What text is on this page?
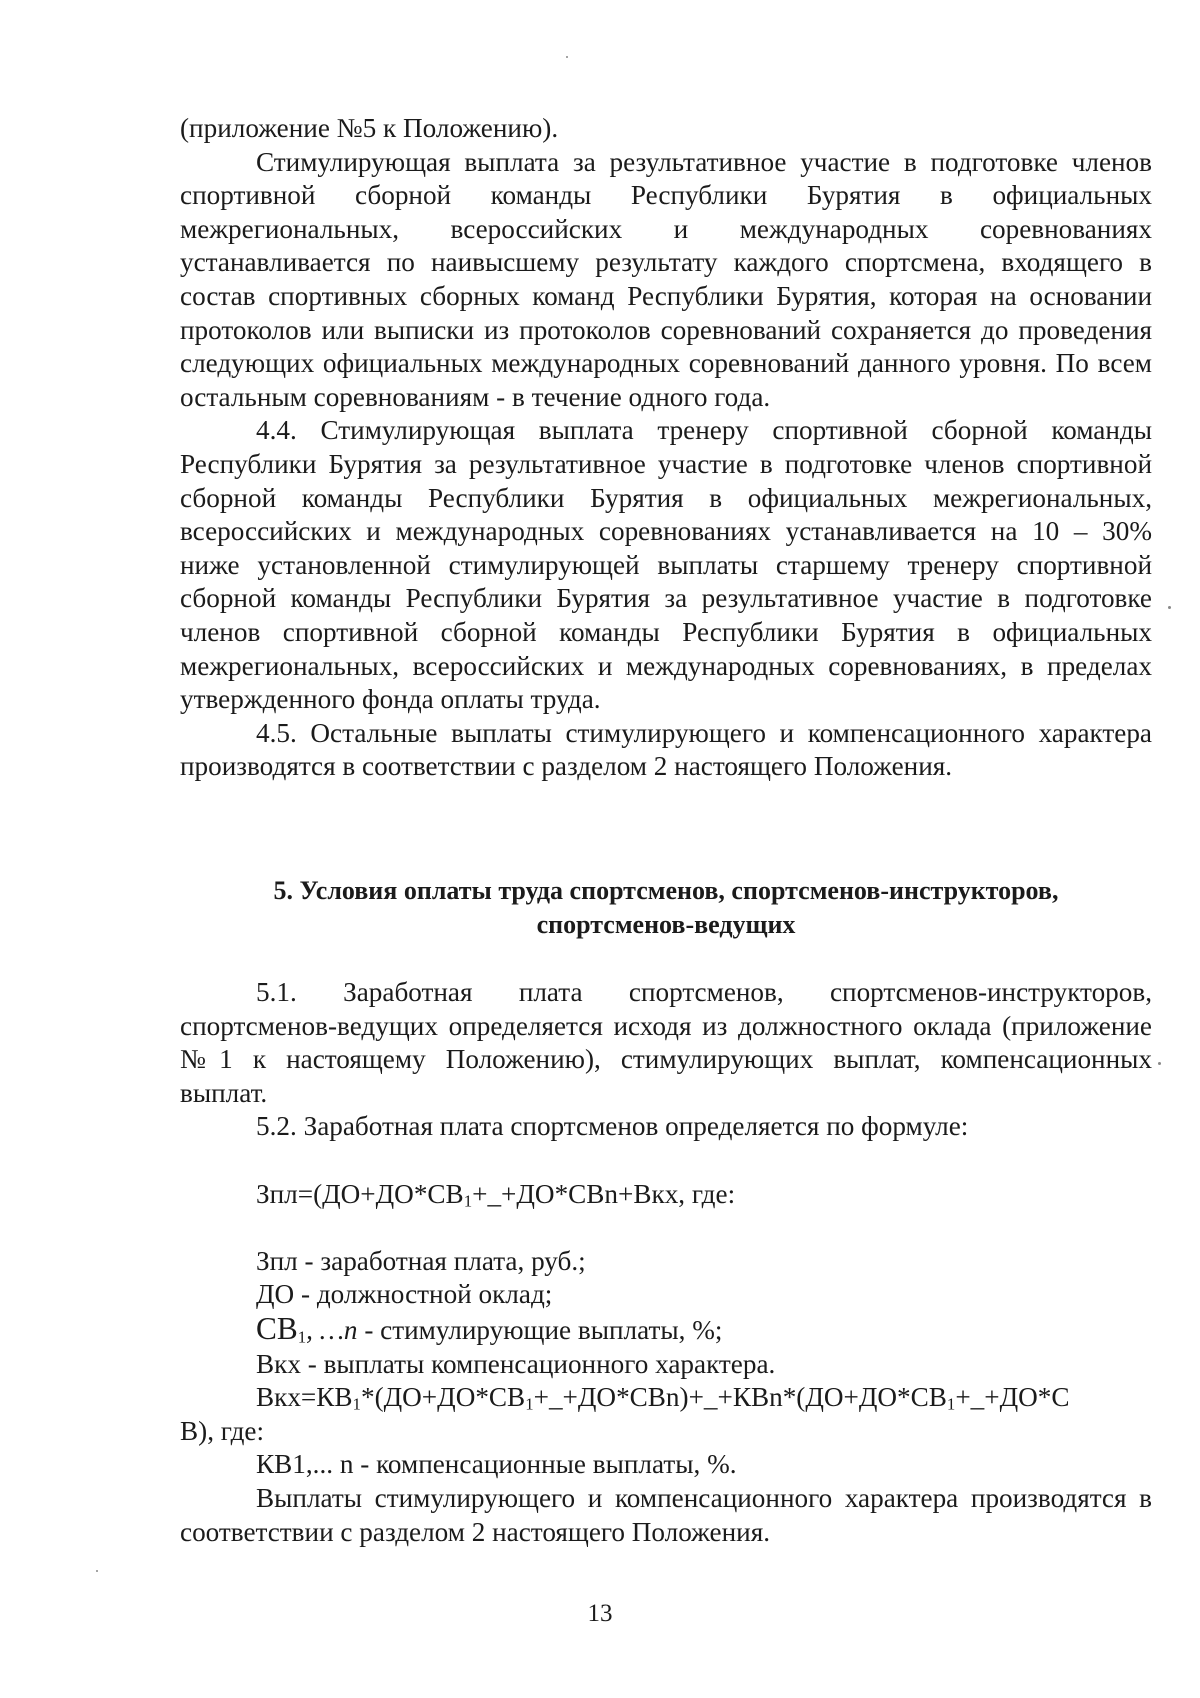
(приложение №5 к Положению).

Стимулирующая выплата за результативное участие в подготовке членов спортивной сборной команды Республики Бурятия в официальных межрегиональных, всероссийских и международных соревнованиях устанавливается по наивысшему результату каждого спортсмена, входящего в состав спортивных сборных команд Республики Бурятия, которая на основании протоколов или выписки из протоколов соревнований сохраняется до проведения следующих официальных международных соревнований данного уровня. По всем остальным соревнованиям - в течение одного года.

4.4. Стимулирующая выплата тренеру спортивной сборной команды Республики Бурятия за результативное участие в подготовке членов спортивной сборной команды Республики Бурятия в официальных межрегиональных, всероссийских и международных соревнованиях устанавливается на 10 – 30% ниже установленной стимулирующей выплаты старшему тренеру спортивной сборной команды Республики Бурятия за результативное участие в подготовке членов спортивной сборной команды Республики Бурятия в официальных межрегиональных, всероссийских и международных соревнованиях, в пределах утвержденного фонда оплаты труда.

4.5. Остальные выплаты стимулирующего и компенсационного характера производятся в соответствии с разделом 2 настоящего Положения.

5. Условия оплаты труда спортсменов, спортсменов-инструкторов,
спортсменов-ведущих

5.1. Заработная плата спортсменов, спортсменов-инструкторов, спортсменов-ведущих определяется исходя из должностного оклада (приложение №1 к настоящему Положению), стимулирующих выплат, компенсационных выплат.

5.2. Заработная плата спортсменов определяется по формуле:

Зпл=(ДО+ДО*СВ1+_+ДО*СВn+Вкх, где:

Зпл - заработная плата, руб.;

ДО - должностной оклад;

СВ1, …n - стимулирующие выплаты, %;

Вкх - выплаты компенсационного характера.

Вкх=КВ1*(ДО+ДО*СВ1+_+ДО*СВn)+_+КВn*(ДО+ДО*СВ1+_+ДО*С

В), где:

КВ1,... n - компенсационные выплаты, %.

Выплаты стимулирующего и компенсационного характера производятся в соответствии с разделом 2 настоящего Положения.

13
